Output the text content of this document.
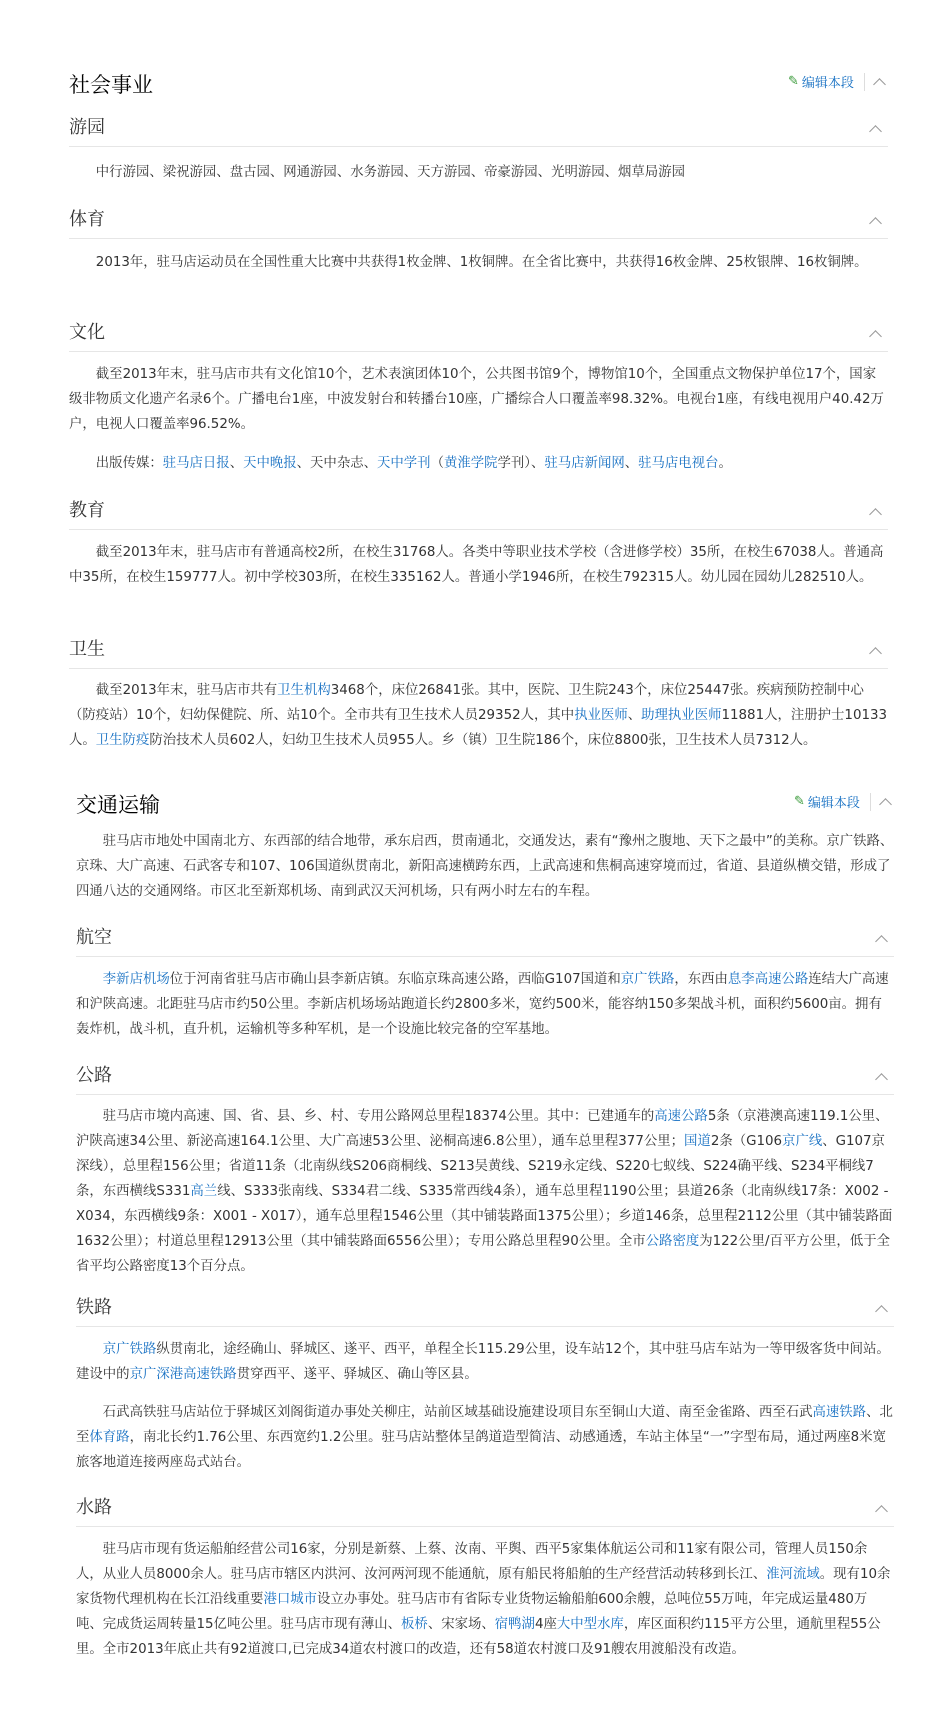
社会事业	✎ 编辑本段
游园

中行游园、梁祝游园、盘古园、网通游园、水务游园、天方游园、帝豪游园、光明游园、烟草局游园

体育

2013年，驻马店运动员在全国性重大比赛中共获得1枚金牌、1枚铜牌。在全省比赛中，共获得16枚金牌、25枚银牌、16枚铜牌。

文化

截至2013年末，驻马店市共有文化馆10个，艺术表演团体10个，公共图书馆9个，博物馆10个，全国重点文物保护单位17个，国家级非物质文化遗产名录6个。广播电台1座，中波发射台和转播台10座，广播综合人口覆盖率98.32%。电视台1座，有线电视用户40.42万户，电视人口覆盖率96.52%。

出版传媒：驻马店日报、天中晚报、天中杂志、天中学刊（黄淮学院学刊）、驻马店新闻网、驻马店电视台。

教育

截至2013年末，驻马店市有普通高校2所，在校生31768人。各类中等职业技术学校（含进修学校）35所，在校生67038人。普通高中35所，在校生159777人。初中学校303所，在校生335162人。普通小学1946所，在校生792315人。幼儿园在园幼儿282510人。

卫生

截至2013年末，驻马店市共有卫生机构3468个，床位26841张。其中，医院、卫生院243个，床位25447张。疾病预防控制中心（防疫站）10个，妇幼保健院、所、站10个。全市共有卫生技术人员29352人，其中执业医师、助理执业医师11881人，注册护士10133人。卫生防疫防治技术人员602人，妇幼卫生技术人员955人。乡（镇）卫生院186个，床位8800张，卫生技术人员7312人。

交通运输	✎ 编辑本段

驻马店市地处中国南北方、东西部的结合地带，承东启西，贯南通北，交通发达，素有“豫州之腹地、天下之最中”的美称。京广铁路、京珠、大广高速、石武客专和107、106国道纵贯南北，新阳高速横跨东西，上武高速和焦桐高速穿境而过，省道、县道纵横交错，形成了四通八达的交通网络。市区北至新郑机场、南到武汉天河机场，只有两小时左右的车程。

航空

李新店机场位于河南省驻马店市确山县李新店镇。东临京珠高速公路，西临G107国道和京广铁路，东西由息李高速公路连结大广高速和沪陕高速。北距驻马店市约50公里。李新店机场场站跑道长约2800多米，宽约500米，能容纳150多架战斗机，面积约5600亩。拥有轰炸机，战斗机，直升机，运输机等多种军机，是一个设施比较完备的空军基地。

公路

驻马店市境内高速、国、省、县、乡、村、专用公路网总里程18374公里。其中：已建通车的高速公路5条（京港澳高速119.1公里、沪陕高速34公里、新泌高速164.1公里、大广高速53公里、泌桐高速6.8公里），通车总里程377公里；国道2条（G106京广线、G107京深线），总里程156公里；省道11条（北南纵线S206商桐线、S213吴黄线、S219永定线、S220七蚁线、S224确平线、S234平桐线7条，东西横线S331高兰线、S333张南线、S334君二线、S335常西线4条），通车总里程1190公里；县道26条（北南纵线17条：X002 - X034，东西横线9条：X001 - X017），通车总里程1546公里（其中铺装路面1375公里）；乡道146条，总里程2112公里（其中铺装路面1632公里）；村道总里程12913公里（其中铺装路面6556公里）；专用公路总里程90公里。全市公路密度为122公里/百平方公里，低于全省平均公路密度13个百分点。

铁路

京广铁路纵贯南北，途经确山、驿城区、遂平、西平，单程全长115.29公里，设车站12个，其中驻马店车站为一等甲级客货中间站。建设中的京广深港高速铁路贯穿西平、遂平、驿城区、确山等区县。

石武高铁驻马店站位于驿城区刘阁街道办事处关柳庄，站前区域基础设施建设项目东至铜山大道、南至金雀路、西至石武高速铁路、北至体育路，南北长约1.76公里、东西宽约1.2公里。驻马店站整体呈鸽道造型简洁、动感通透，车站主体呈“一”字型布局，通过两座8米宽旅客地道连接两座岛式站台。

水路

驻马店市现有货运船舶经营公司16家，分别是新蔡、上蔡、汝南、平舆、西平5家集体航运公司和11家有限公司，管理人员150余人，从业人员8000余人。驻马店市辖区内洪河、汝河两河现不能通航，原有船民将船舶的生产经营活动转移到长江、淮河流域。现有10余家货物代理机构在长江沿线重要港口城市设立办事处。驻马店市有省际专业货物运输船舶600余艘，总吨位55万吨，年完成运量480万吨、完成货运周转量15亿吨公里。驻马店市现有薄山、板桥、宋家场、宿鸭湖4座大中型水库，库区面积约115平方公里，通航里程55公里。全市2013年底止共有92道渡口,已完成34道农村渡口的改造，还有58道农村渡口及91艘农用渡船没有改造。
